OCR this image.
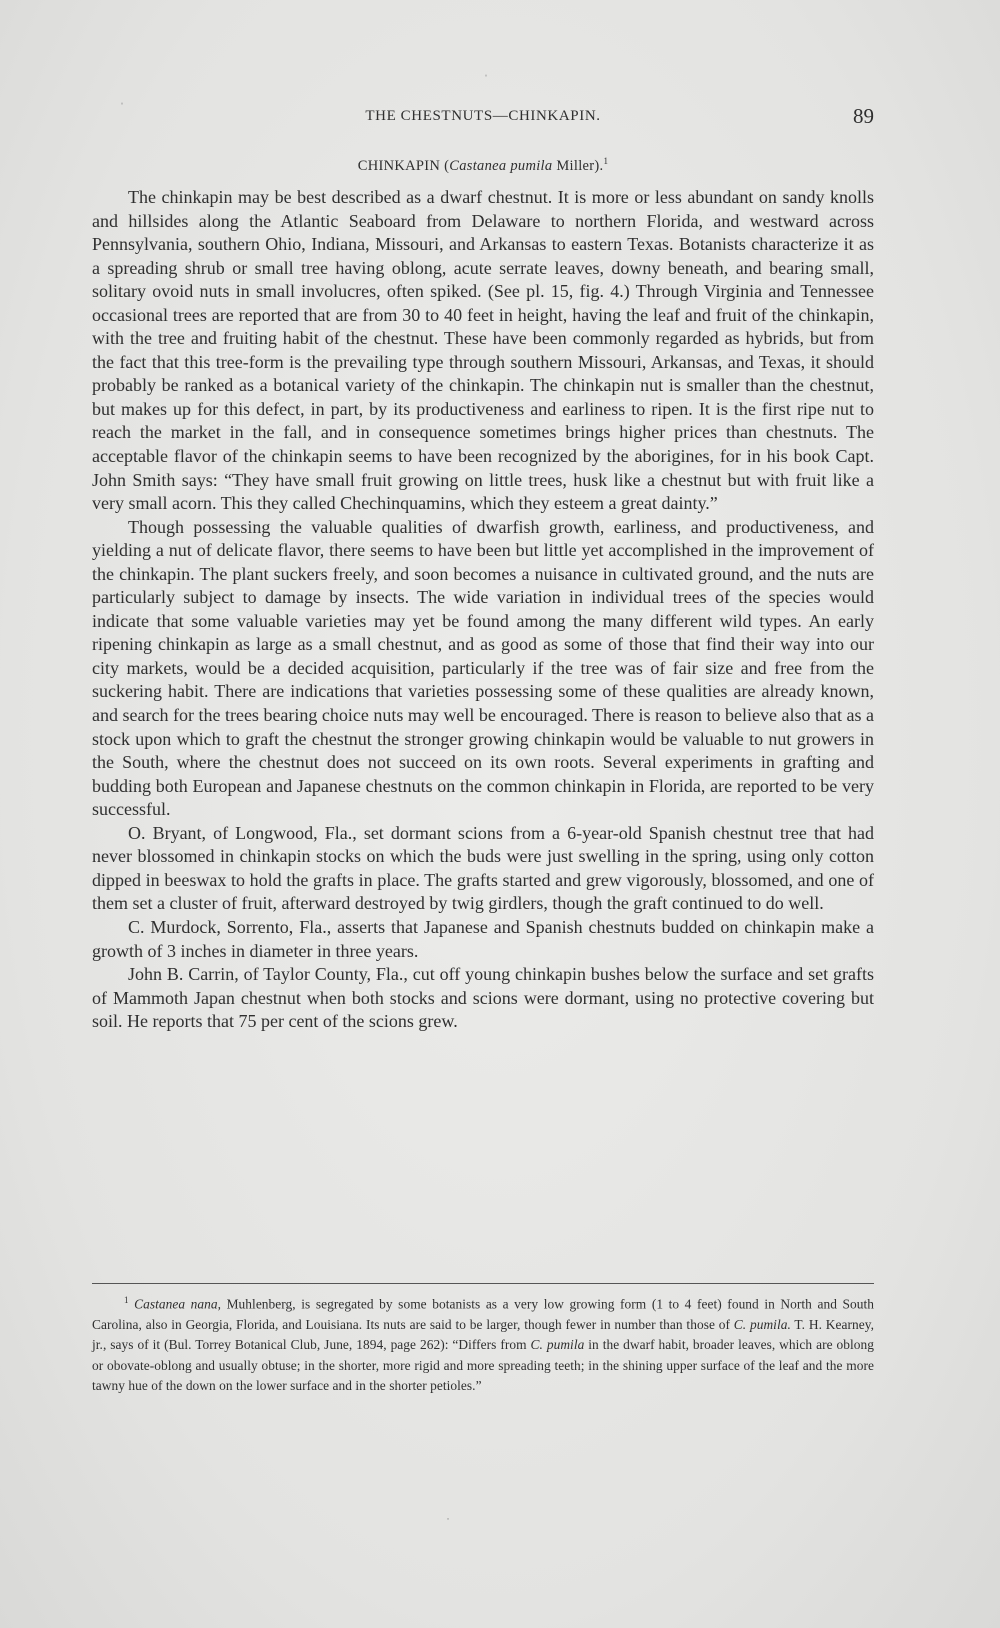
ˈ
ˈ
˙
THE CHESTNUTS—CHINKAPIN.	89
CHINKAPIN (Castanea pumila Miller).$^1$

The chinkapin may be best described as a dwarf chestnut. It is more or less abundant on sandy knolls and hillsides along the Atlantic Seaboard from Delaware to northern Florida, and westward across Pennsylvania, southern Ohio, Indiana, Missouri, and Arkansas to eastern Texas. Botanists characterize it as a spreading shrub or small tree having oblong, acute serrate leaves, downy beneath, and bearing small, solitary ovoid nuts in small involucres, often spiked. (See pl. 15, fig. 4.) Through Virginia and Tennessee occasional trees are reported that are from 30 to 40 feet in height, having the leaf and fruit of the chinkapin, with the tree and fruiting habit of the chestnut. These have been commonly regarded as hybrids, but from the fact that this tree-form is the prevailing type through southern Missouri, Arkansas, and Texas, it should probably be ranked as a botanical variety of the chinkapin. The chinkapin nut is smaller than the chestnut, but makes up for this defect, in part, by its productiveness and earliness to ripen. It is the first ripe nut to reach the market in the fall, and in consequence sometimes brings higher prices than chestnuts. The acceptable flavor of the chinkapin seems to have been recognized by the aborigines, for in his book Capt. John Smith says: “They have small fruit growing on little trees, husk like a chestnut but with fruit like a very small acorn. This they called Chechinquamins, which they esteem a great dainty.”

Though possessing the valuable qualities of dwarfish growth, earliness, and productiveness, and yielding a nut of delicate flavor, there seems to have been but little yet accomplished in the improvement of the chinkapin. The plant suckers freely, and soon becomes a nuisance in cultivated ground, and the nuts are particularly subject to damage by insects. The wide variation in individual trees of the species would indicate that some valuable varieties may yet be found among the many different wild types. An early ripening chinkapin as large as a small chestnut, and as good as some of those that find their way into our city markets, would be a decided acquisition, particularly if the tree was of fair size and free from the suckering habit. There are indications that varieties possessing some of these qualities are already known, and search for the trees bearing choice nuts may well be encouraged. There is reason to believe also that as a stock upon which to graft the chestnut the stronger growing chinkapin would be valuable to nut growers in the South, where the chestnut does not succeed on its own roots. Several experiments in grafting and budding both European and Japanese chestnuts on the common chinkapin in Florida, are reported to be very successful.

O. Bryant, of Longwood, Fla., set dormant scions from a 6-year-old Spanish chestnut tree that had never blossomed in chinkapin stocks on which the buds were just swelling in the spring, using only cotton dipped in beeswax to hold the grafts in place. The grafts started and grew vigorously, blossomed, and one of them set a cluster of fruit, afterward destroyed by twig girdlers, though the graft continued to do well.

C. Murdock, Sorrento, Fla., asserts that Japanese and Spanish chestnuts budded on chinkapin make a growth of 3 inches in diameter in three years.

John B. Carrin, of Taylor County, Fla., cut off young chinkapin bushes below the surface and set grafts of Mammoth Japan chestnut when both stocks and scions were dormant, using no protective covering but soil. He reports that 75 per cent of the scions grew.

$^1$ Castanea nana, Muhlenberg, is segregated by some botanists as a very low growing form (1 to 4 feet) found in North and South Carolina, also in Georgia, Florida, and Louisiana. Its nuts are said to be larger, though fewer in number than those of C. pumila. T. H. Kearney, jr., says of it (Bul. Torrey Botanical Club, June, 1894, page 262): “Differs from C. pumila in the dwarf habit, broader leaves, which are oblong or obovate-oblong and usually obtuse; in the shorter, more rigid and more spreading teeth; in the shining upper surface of the leaf and the more tawny hue of the down on the lower surface and in the shorter petioles.”
